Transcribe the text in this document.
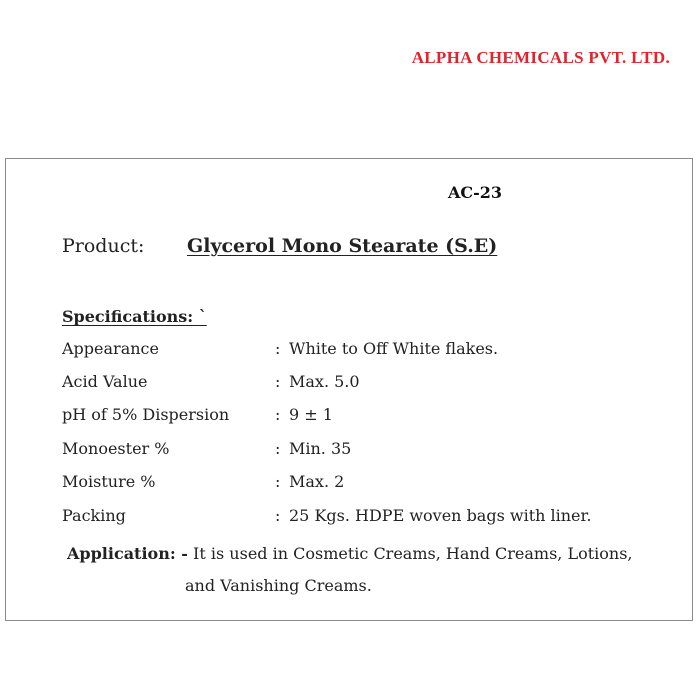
ALPHA CHEMICALS PVT. LTD.
AC-23
Product: Glycerol Mono Stearate (S.E)
Specifications: `
Appearance	: White to Off White flakes.
Acid Value	: Max. 5.0
pH of 5% Dispersion	: 9 ± 1
Monoester %	: Min. 35
Moisture %	: Max. 2
Packing	: 25 Kgs. HDPE woven bags with liner.
Application: - It is used in Cosmetic Creams, Hand Creams, Lotions,
and Vanishing Creams.
